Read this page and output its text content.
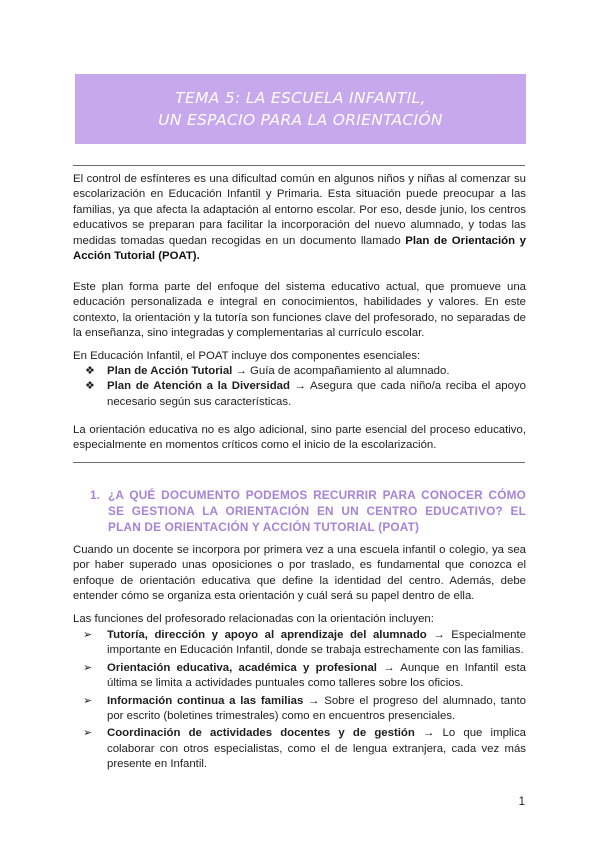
TEMA 5: LA ESCUELA INFANTIL,
UN ESPACIO PARA LA ORIENTACIÓN

El control de esfínteres es una dificultad común en algunos niños y niñas al comenzar su escolarización en Educación Infantil y Primaria. Esta situación puede preocupar a las familias, ya que afecta la adaptación al entorno escolar. Por eso, desde junio, los centros educativos se preparan para facilitar la incorporación del nuevo alumnado, y todas las medidas tomadas quedan recogidas en un documento llamado Plan de Orientación y Acción Tutorial (POAT).

Este plan forma parte del enfoque del sistema educativo actual, que promueve una educación personalizada e integral en conocimientos, habilidades y valores. En este contexto, la orientación y la tutoría son funciones clave del profesorado, no separadas de la enseñanza, sino integradas y complementarias al currículo escolar.

En Educación Infantil, el POAT incluye dos componentes esenciales:

❖ Plan de Acción Tutorial → Guía de acompañamiento al alumnado.
❖ Plan de Atención a la Diversidad → Asegura que cada niño/a reciba el apoyo necesario según sus características.

La orientación educativa no es algo adicional, sino parte esencial del proceso educativo, especialmente en momentos críticos como el inicio de la escolarización.

1. ¿A QUÉ DOCUMENTO PODEMOS RECURRIR PARA CONOCER CÓMO SE GESTIONA LA ORIENTACIÓN EN UN CENTRO EDUCATIVO? EL PLAN DE ORIENTACIÓN Y ACCIÓN TUTORIAL (POAT)

Cuando un docente se incorpora por primera vez a una escuela infantil o colegio, ya sea por haber superado unas oposiciones o por traslado, es fundamental que conozca el enfoque de orientación educativa que define la identidad del centro. Además, debe entender cómo se organiza esta orientación y cuál será su papel dentro de ella.

Las funciones del profesorado relacionadas con la orientación incluyen:

➢ Tutoría, dirección y apoyo al aprendizaje del alumnado → Especialmente importante en Educación Infantil, donde se trabaja estrechamente con las familias.
➢ Orientación educativa, académica y profesional → Aunque en Infantil esta última se limita a actividades puntuales como talleres sobre los oficios.
➢ Información continua a las familias → Sobre el progreso del alumnado, tanto por escrito (boletines trimestrales) como en encuentros presenciales.
➢ Coordinación de actividades docentes y de gestión → Lo que implica colaborar con otros especialistas, como el de lengua extranjera, cada vez más presente en Infantil.
1
